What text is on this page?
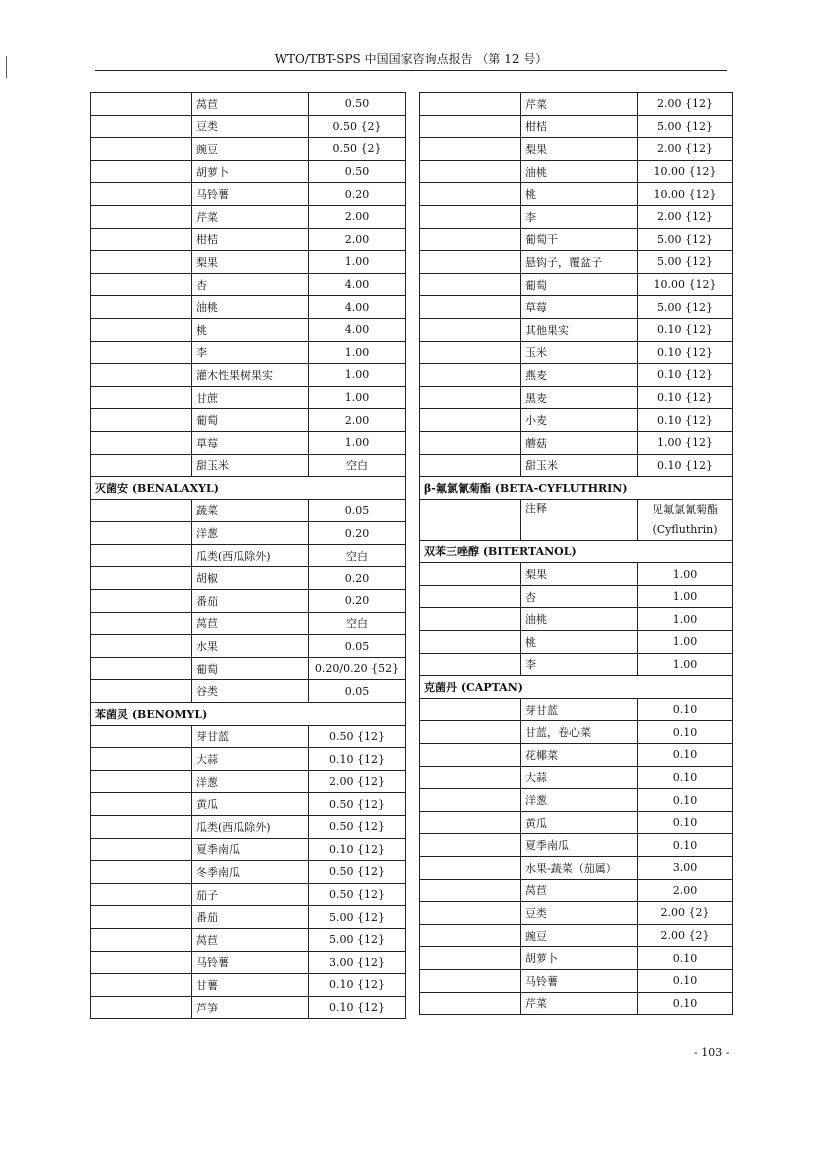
WTO/TBT-SPS 中国国家咨询点报告 （第 12 号）
	莴苣	0.50
	豆类	0.50 {2}
	豌豆	0.50 {2}
	胡萝卜	0.50
	马铃薯	0.20
	芹菜	2.00
	柑桔	2.00
	梨果	1.00
	杏	4.00
	油桃	4.00
	桃	4.00
	李	1.00
	灌木性果树果实	1.00
	甘蔗	1.00
	葡萄	2.00
	草莓	1.00
	甜玉米	空白
灭菌安 (BENALAXYL)		
	蔬菜	0.05
	洋葱	0.20
	瓜类(西瓜除外)	空白
	胡椒	0.20
	番茄	0.20
	莴苣	空白
	水果	0.05
	葡萄	0.20/0.20 {52}
	谷类	0.05
苯菌灵 (BENOMYL)		
	芽甘蓝	0.50 {12}
	大蒜	0.10 {12}
	洋葱	2.00 {12}
	黄瓜	0.50 {12}
	瓜类(西瓜除外)	0.50 {12}
	夏季南瓜	0.10 {12}
	冬季南瓜	0.50 {12}
	茄子	0.50 {12}
	番茄	5.00 {12}
	莴苣	5.00 {12}
	马铃薯	3.00 {12}
	甘薯	0.10 {12}
	芦笋	0.10 {12}
	芹菜	2.00 {12}
	柑桔	5.00 {12}
	梨果	2.00 {12}
	油桃	10.00 {12}
	桃	10.00 {12}
	李	2.00 {12}
	葡萄干	5.00 {12}
	悬钩子，覆盆子	5.00 {12}
	葡萄	10.00 {12}
	草莓	5.00 {12}
	其他果实	0.10 {12}
	玉米	0.10 {12}
	燕麦	0.10 {12}
	黑麦	0.10 {12}
	小麦	0.10 {12}
	蘑菇	1.00 {12}
	甜玉米	0.10 {12}
β-氟氯氰菊酯 (BETA-CYFLUTHRIN)		
	注释	见氟氯氰菊酯
(Cyfluthrin)

双苯三唑醇 (BITERTANOL)		
	梨果	1.00
	杏	1.00
	油桃	1.00
	桃	1.00
	李	1.00
克菌丹 (CAPTAN)		
	芽甘蓝	0.10
	甘蓝，卷心菜	0.10
	花椰菜	0.10
	大蒜	0.10
	洋葱	0.10
	黄瓜	0.10
	夏季南瓜	0.10
	水果-蔬菜（茄属）	3.00
	莴苣	2.00
	豆类	2.00 {2}
	豌豆	2.00 {2}
	胡萝卜	0.10
	马铃薯	0.10
	芹菜	0.10
- 103 -
